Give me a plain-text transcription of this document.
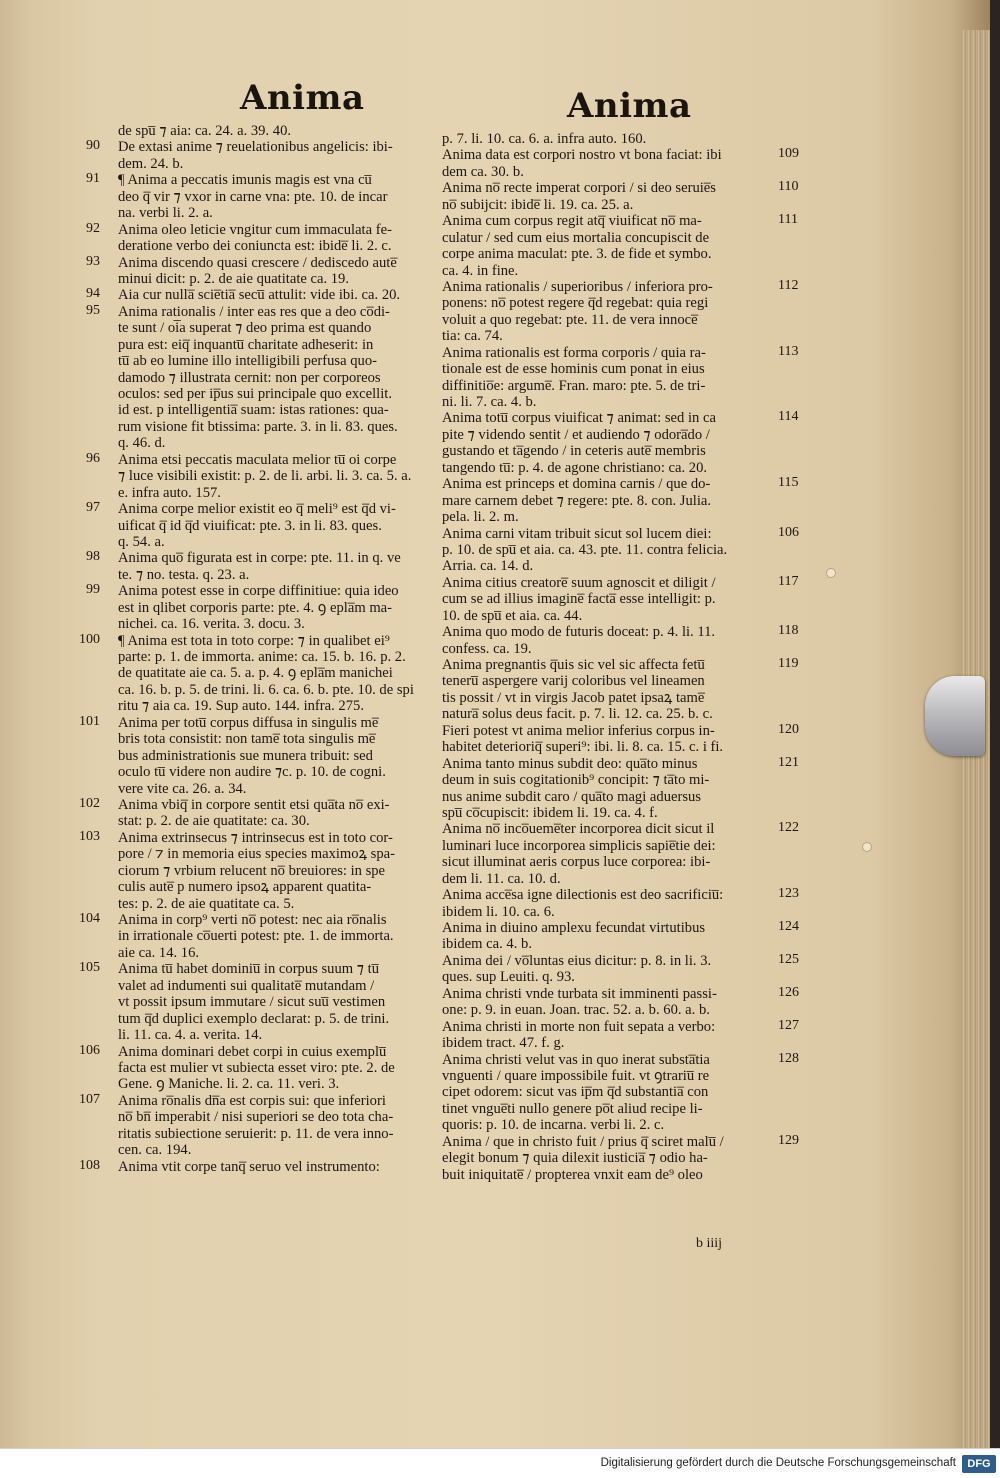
Anima	Anima
de spu̅ ⁊ aia: ca. 24. a. 39. 40.
90 De extasi anime ⁊ reuelationibus angelicis: ibi-
dem. 24. b.
91 ¶ Anima a peccatis imunis magis est vna cu̅
deo q̅ vir ⁊ vxor in carne vna: pte. 10. de incar
na. verbi li. 2. a.
92 Anima oleo leticie vngitur cum immaculata fe-
deratione verbo dei coniuncta est: ibide̅ li. 2. c.
93 Anima discendo quasi crescere / dediscedo aute̅
minui dicit: p. 2. de aie quatitate ca. 19.
94 Aia cur nulla̅ scie̅tia̅ secu̅ attulit: vide ibi. ca. 20.
95 Anima rationalis / inter eas res que a deo co̅di-
te sunt / oi̅a superat ⁊ deo prima est quando
pura est: eiq̅ inquantu̅ charitate adheserit: in
tu̅ ab eo lumine illo intelligibili perfusa quo-
damodo ⁊ illustrata cernit: non per corporeos
oculos: sed per ip̅us sui principale quo excellit.
id est. p intelligentia̅ suam: istas rationes: qua-
rum visione fit btissima: parte. 3. in li. 83. ques.
q. 46. d.
96 Anima etsi peccatis maculata melior tu̅ oi corpe
⁊ luce visibili existit: p. 2. de li. arbi. li. 3. ca. 5. a.
e. infra auto. 157.
97 Anima corpe melior existit eo q̅ meli⁹ est q̅d vi-
uificat q̅ id q̅d viuificat: pte. 3. in li. 83. ques.
q. 54. a.
98 Anima quo̅ figurata est in corpe: pte. 11. in q. ve
te. ⁊ no. testa. q. 23. a.
99 Anima potest esse in corpe diffinitiue: quia ideo
est in qlibet corporis parte: pte. 4. ꝯ epla̅m ma-
nichei. ca. 16. verita. 3. docu. 3.
100 ¶ Anima est tota in toto corpe: ⁊ in qualibet ei⁹
parte: p. 1. de immorta. anime: ca. 15. b. 16. p. 2.
de quatitate aie ca. 5. a. p. 4. ꝯ epla̅m manichei
ca. 16. b. p. 5. de trini. li. 6. ca. 6. b. pte. 10. de spi
ritu ⁊ aia ca. 19. Sup auto. 144. infra. 275.
101 Anima per totu̅ corpus diffusa in singulis me̅
bris tota consistit: non tame̅ tota singulis me̅
bus administrationis sue munera tribuit: sed
oculo tu̅ videre non audire ⁊c. p. 10. de cogni.
vere vite ca. 26. a. 34.
102 Anima vbiq̅ in corpore sentit etsi qua̅ta no̅ exi-
stat: p. 2. de aie quatitate: ca. 30.
103 Anima extrinsecus ⁊ intrinsecus est in toto cor-
pore / ⁊ in memoria eius species maximoꝝ spa-
ciorum ⁊ vrbium relucent no̅ breuiores: in spe
culis aute̅ p numero ipsoꝝ apparent quatita-
tes: p. 2. de aie quatitate ca. 5.
104 Anima in corp⁹ verti no̅ potest: nec aia ro̅nalis
in irrationale co̅uerti potest: pte. 1. de immorta.
aie ca. 14. 16.
105 Anima tu̅ habet dominiu̅ in corpus suum ⁊ tu̅
valet ad indumenti sui qualitate̅ mutandam /
vt possit ipsum immutare / sicut suu̅ vestimen
tum q̅d duplici exemplo declarat: p. 5. de trini.
li. 11. ca. 4. a. verita. 14.
106 Anima dominari debet corpi in cuius exemplu̅
facta est mulier vt subiecta esset viro: pte. 2. de
Gene. ꝯ Maniche. li. 2. ca. 11. veri. 3.
107 Anima ro̅nalis dn̅a est corpis sui: que inferiori
no̅ bn̅ imperabit / nisi superiori se deo tota cha-
ritatis subiectione seruierit: p. 11. de vera inno-
cen. ca. 194.
108 Anima vtit corpe tanq̅ seruo vel instrumento:
p. 7. li. 10. ca. 6. a. infra auto. 160.
109
Anima data est corpori nostro vt bona faciat: ibi
dem ca. 30. b.
110
Anima no̅ recte imperat corpori / si deo seruie̅s
no̅ subijcit: ibide̅ li. 19. ca. 25. a.
111
Anima cum corpus regit atq̅ viuificat no̅ ma-
culatur / sed cum eius mortalia concupiscit de
corpe anima maculat: pte. 3. de fide et symbo.
ca. 4. in fine.
112
Anima rationalis / superioribus / inferiora pro-
ponens: no̅ potest regere q̅d regebat: quia regi
voluit a quo regebat: pte. 11. de vera innoce̅
tia: ca. 74.
113
Anima rationalis est forma corporis / quia ra-
tionale est de esse hominis cum ponat in eius
diffinitio̅e: argume̅. Fran. maro: pte. 5. de tri-
ni. li. 7. ca. 4. b.
114
Anima totu̅ corpus viuificat ⁊ animat: sed in ca
pite ⁊ videndo sentit / et audiendo ⁊ odora̅do /
gustando et ta̅gendo / in ceteris aute̅ membris
tangendo tu̅: p. 4. de agone christiano: ca. 20.
115
Anima est princeps et domina carnis / que do-
mare carnem debet ⁊ regere: pte. 8. con. Julia.
pela. li. 2. m.
106
Anima carni vitam tribuit sicut sol lucem diei:
p. 10. de spu̅ et aia. ca. 43. pte. 11. contra felicia.
Arria. ca. 14. d.
117
Anima citius creatore̅ suum agnoscit et diligit /
cum se ad illius imagine̅ facta̅ esse intelligit: p.
10. de spu̅ et aia. ca. 44.
118
Anima quo modo de futuris doceat: p. 4. li. 11.
confess. ca. 19.
119
Anima pregnantis q̅uis sic vel sic affecta fetu̅
teneru̅ aspergere varij coloribus vel lineamen
tis possit / vt in virgis Jacob patet ipsaꝝ tame̅
natura̅ solus deus facit. p. 7. li. 12. ca. 25. b. c.
120
Fieri potest vt anima melior inferius corpus in-
habitet deterioriq̅ superi⁹: ibi. li. 8. ca. 15. c. i fi.
121
Anima tanto minus subdit deo: qua̅to minus
deum in suis cogitationib⁹ concipit: ⁊ ta̅to mi-
nus anime subdit caro / qua̅to magi aduersus
spu̅ co̅cupiscit: ibidem li. 19. ca. 4. f.
122
Anima no̅ inco̅ueme̅ter incorporea dicit sicut il
luminari luce incorporea simplicis sapie̅tie dei:
sicut illuminat aeris corpus luce corporea: ibi-
dem li. 11. ca. 10. d.
123
Anima acce̅sa igne dilectionis est deo sacrificiu̅:
ibidem li. 10. ca. 6.
124
Anima in diuino amplexu fecundat virtutibus
ibidem ca. 4. b.
125
Anima dei / vo̅luntas eius dicitur: p. 8. in li. 3.
ques. sup Leuiti. q. 93.
126
Anima christi vnde turbata sit imminenti passi-
one: p. 9. in euan. Joan. trac. 52. a. b. 60. a. b.
127
Anima christi in morte non fuit sepata a verbo:
ibidem tract. 47. f. g.
128
Anima christi velut vas in quo inerat substa̅tia
vnguenti / quare impossibile fuit. vt ꝯtrariu̅ re
cipet odorem: sicut vas ip̅m q̅d substantia̅ con
tinet vngue̅ti nullo genere po̅t aliud recipe li-
quoris: p. 10. de incarna. verbi li. 2. c.
129
Anima / que in christo fuit / prius q̅ sciret malu̅ /
elegit bonum ⁊ quia dilexit iusticia̅ ⁊ odio ha-
buit iniquitate̅ / propterea vnxit eam de⁹ oleo
b iiij
Digitalisierung gefördert durch die Deutsche Forschungsgemeinschaft	DFG
